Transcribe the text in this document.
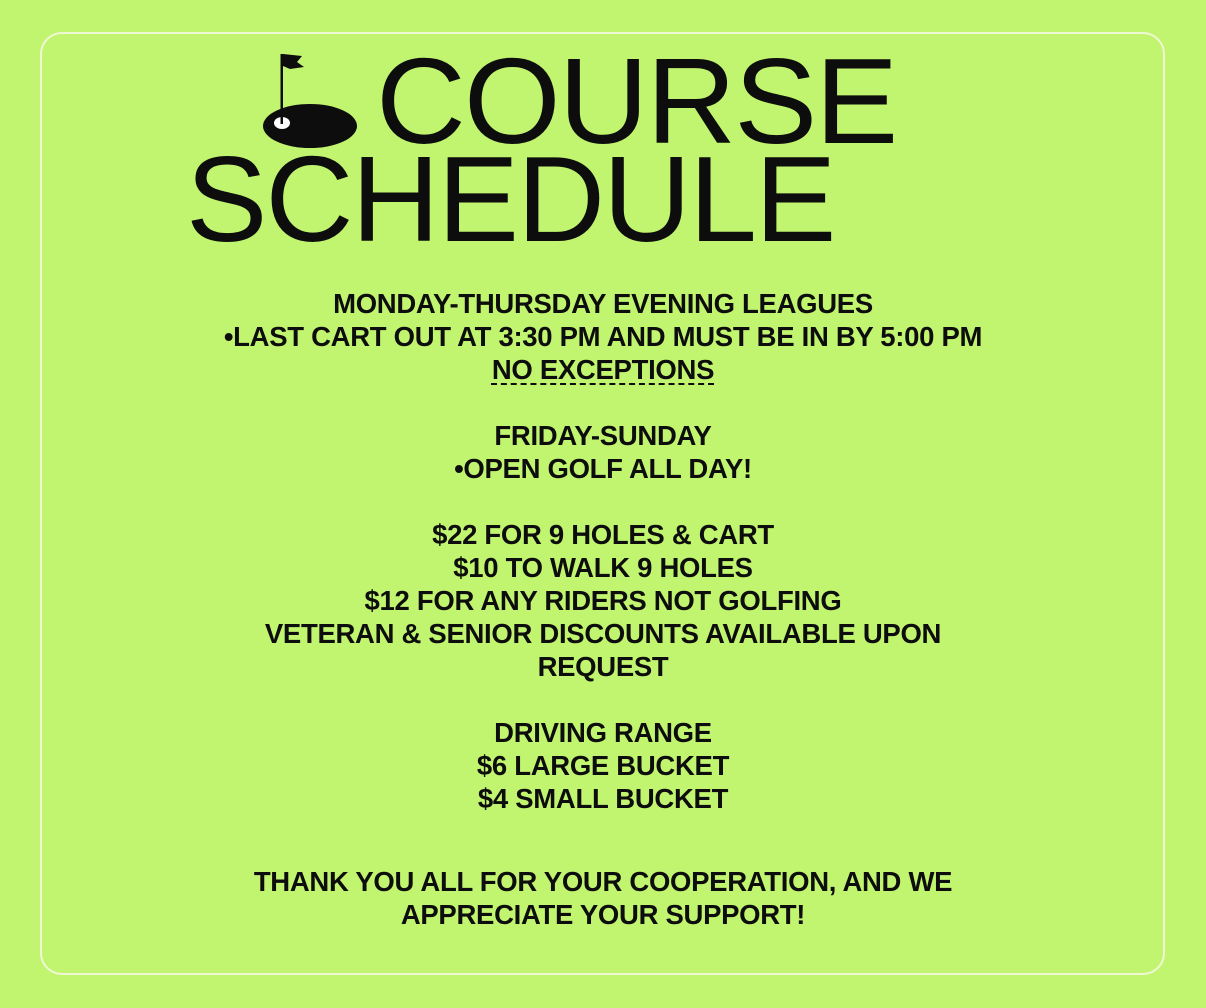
COURSE
SCHEDULE

MONDAY-THURSDAY EVENING LEAGUES

•LAST CART OUT AT 3:30 PM AND MUST BE IN BY 5:00 PM

NO EXCEPTIONS

FRIDAY-SUNDAY

•OPEN GOLF ALL DAY!

$22 FOR 9 HOLES & CART

$10 TO WALK 9 HOLES

$12 FOR ANY RIDERS NOT GOLFING

VETERAN & SENIOR DISCOUNTS AVAILABLE UPON

REQUEST

DRIVING RANGE

$6 LARGE BUCKET

$4 SMALL BUCKET

THANK YOU ALL FOR YOUR COOPERATION, AND WE

APPRECIATE YOUR SUPPORT!
